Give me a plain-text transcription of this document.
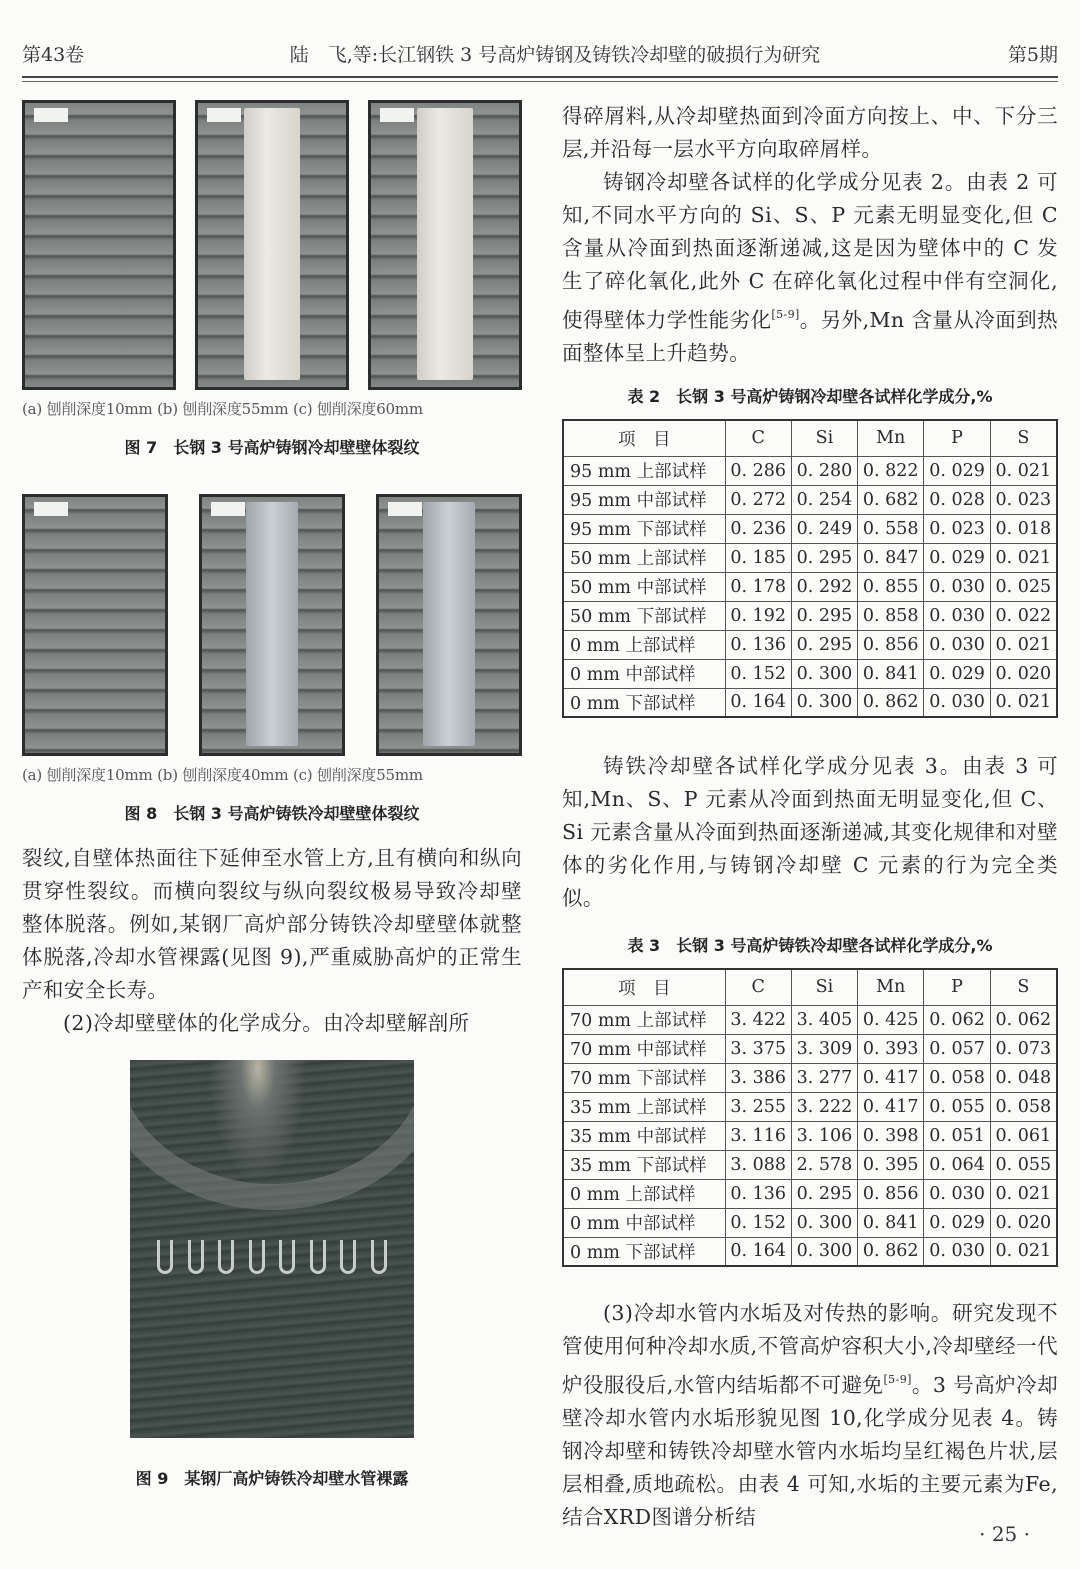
第43卷	陆　飞,等:长江钢铁 3 号高炉铸钢及铸铁冷却壁的破损行为研究	第5期
(a) 刨削深度10mm (b) 刨削深度55mm (c) 刨削深度60mm
图 7　长钢 3 号高炉铸钢冷却壁壁体裂纹
(a) 刨削深度10mm (b) 刨削深度40mm (c) 刨削深度55mm
图 8　长钢 3 号高炉铸铁冷却壁壁体裂纹

裂纹,自壁体热面往下延伸至水管上方,且有横向和纵向贯穿性裂纹。而横向裂纹与纵向裂纹极易导致冷却壁整体脱落。例如,某钢厂高炉部分铸铁冷却壁壁体就整体脱落,冷却水管裸露(见图 9),严重威胁高炉的正常生产和安全长寿。

(2)冷却壁壁体的化学成分。由冷却壁解剖所

图 9　某钢厂高炉铸铁冷却壁水管裸露

得碎屑料,从冷却壁热面到冷面方向按上、中、下分三层,并沿每一层水平方向取碎屑样。

铸钢冷却壁各试样的化学成分见表 2。由表 2 可知,不同水平方向的 Si、S、P 元素无明显变化,但 C 含量从冷面到热面逐渐递减,这是因为壁体中的 C 发生了碎化氧化,此外 C 在碎化氧化过程中伴有空洞化,使得壁体力学性能劣化[5-9]。另外,Mn 含量从冷面到热面整体呈上升趋势。

表 2　长钢 3 号高炉铸钢冷却壁各试样化学成分,%
项　目	C	Si	Mn	P	S
95 mm 上部试样	0. 286	0. 280	0. 822	0. 029	0. 021
95 mm 中部试样	0. 272	0. 254	0. 682	0. 028	0. 023
95 mm 下部试样	0. 236	0. 249	0. 558	0. 023	0. 018
50 mm 上部试样	0. 185	0. 295	0. 847	0. 029	0. 021
50 mm 中部试样	0. 178	0. 292	0. 855	0. 030	0. 025
50 mm 下部试样	0. 192	0. 295	0. 858	0. 030	0. 022
0 mm 上部试样	0. 136	0. 295	0. 856	0. 030	0. 021
0 mm 中部试样	0. 152	0. 300	0. 841	0. 029	0. 020
0 mm 下部试样	0. 164	0. 300	0. 862	0. 030	0. 021

铸铁冷却壁各试样化学成分见表 3。由表 3 可知,Mn、S、P 元素从冷面到热面无明显变化,但 C、Si 元素含量从冷面到热面逐渐递减,其变化规律和对壁体的劣化作用,与铸钢冷却壁 C 元素的行为完全类似。

表 3　长钢 3 号高炉铸铁冷却壁各试样化学成分,%
项　目	C	Si	Mn	P	S
70 mm 上部试样	3. 422	3. 405	0. 425	0. 062	0. 062
70 mm 中部试样	3. 375	3. 309	0. 393	0. 057	0. 073
70 mm 下部试样	3. 386	3. 277	0. 417	0. 058	0. 048
35 mm 上部试样	3. 255	3. 222	0. 417	0. 055	0. 058
35 mm 中部试样	3. 116	3. 106	0. 398	0. 051	0. 061
35 mm 下部试样	3. 088	2. 578	0. 395	0. 064	0. 055
0 mm 上部试样	0. 136	0. 295	0. 856	0. 030	0. 021
0 mm 中部试样	0. 152	0. 300	0. 841	0. 029	0. 020
0 mm 下部试样	0. 164	0. 300	0. 862	0. 030	0. 021

(3)冷却水管内水垢及对传热的影响。研究发现不管使用何种冷却水质,不管高炉容积大小,冷却壁经一代炉役服役后,水管内结垢都不可避免[5-9]。3 号高炉冷却壁冷却水管内水垢形貌见图 10,化学成分见表 4。铸钢冷却壁和铸铁冷却壁水管内水垢均呈红褐色片状,层层相叠,质地疏松。由表 4 可知,水垢的主要元素为Fe,结合XRD图谱分析结

· 25 ·
